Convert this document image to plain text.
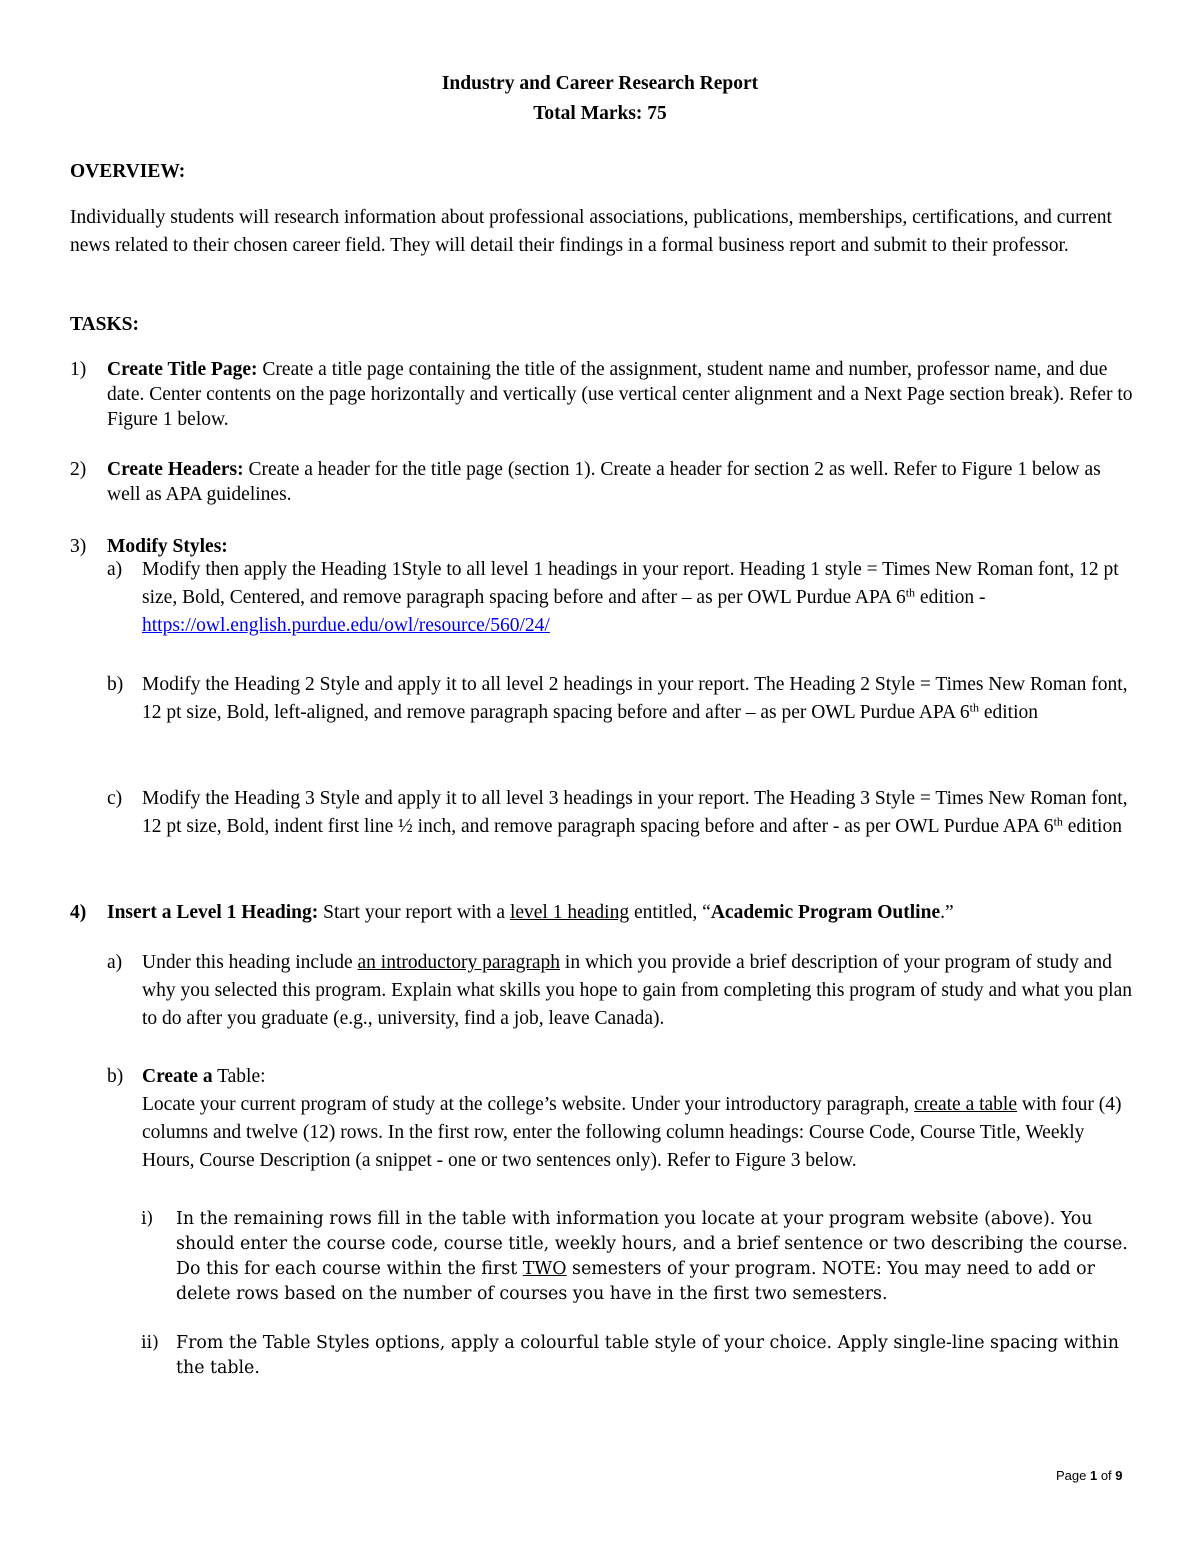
Industry and Career Research Report
Total Marks: 75
OVERVIEW:
Individually students will research information about professional associations, publications, memberships, certifications, and current news related to their chosen career field. They will detail their findings in a formal business report and submit to their professor.
TASKS:
1) Create Title Page: Create a title page containing the title of the assignment, student name and number, professor name, and due date. Center contents on the page horizontally and vertically (use vertical center alignment and a Next Page section break). Refer to Figure 1 below.
2) Create Headers: Create a header for the title page (section 1). Create a header for section 2 as well. Refer to Figure 1 below as well as APA guidelines.
3) Modify Styles:
a) Modify then apply the Heading 1Style to all level 1 headings in your report. Heading 1 style = Times New Roman font, 12 pt size, Bold, Centered, and remove paragraph spacing before and after – as per OWL Purdue APA 6th edition - https://owl.english.purdue.edu/owl/resource/560/24/
b) Modify the Heading 2 Style and apply it to all level 2 headings in your report. The Heading 2 Style = Times New Roman font, 12 pt size, Bold, left-aligned, and remove paragraph spacing before and after – as per OWL Purdue APA 6th edition
c) Modify the Heading 3 Style and apply it to all level 3 headings in your report. The Heading 3 Style = Times New Roman font, 12 pt size, Bold, indent first line ½ inch, and remove paragraph spacing before and after - as per OWL Purdue APA 6th edition
4) Insert a Level 1 Heading: Start your report with a level 1 heading entitled, “Academic Program Outline.”
a) Under this heading include an introductory paragraph in which you provide a brief description of your program of study and why you selected this program. Explain what skills you hope to gain from completing this program of study and what you plan to do after you graduate (e.g., university, find a job, leave Canada).
b) Create a Table:
Locate your current program of study at the college’s website. Under your introductory paragraph, create a table with four (4) columns and twelve (12) rows. In the first row, enter the following column headings: Course Code, Course Title, Weekly Hours, Course Description (a snippet - one or two sentences only). Refer to Figure 3 below.
i) In the remaining rows fill in the table with information you locate at your program website (above). You should enter the course code, course title, weekly hours, and a brief sentence or two describing the course. Do this for each course within the first TWO semesters of your program. NOTE: You may need to add or delete rows based on the number of courses you have in the first two semesters.
ii) From the Table Styles options, apply a colourful table style of your choice. Apply single-line spacing within the table.
Page 1 of 9
